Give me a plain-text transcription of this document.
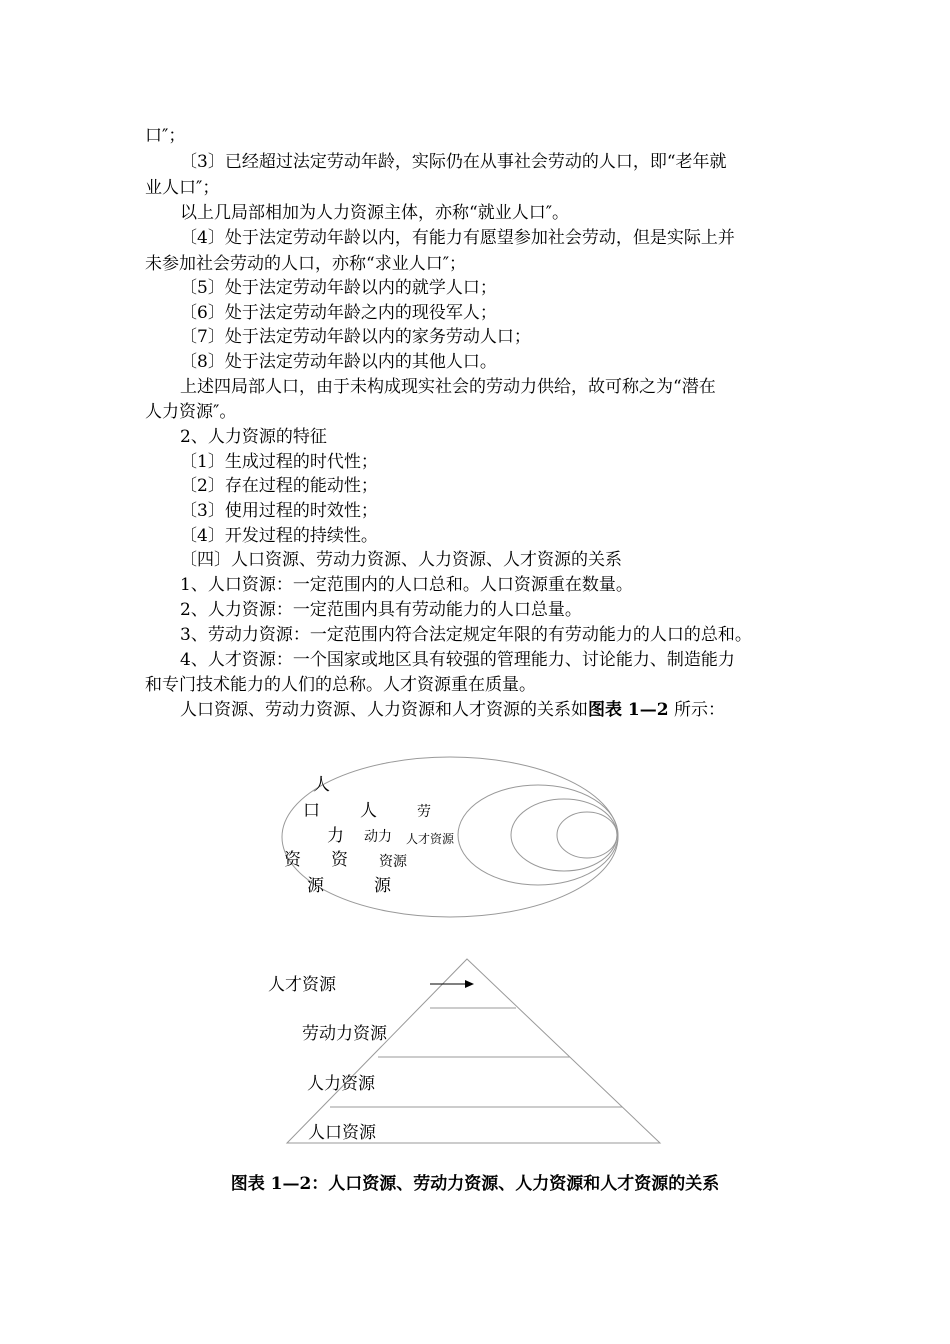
口″；
〔3〕已经超过法定劳动年龄，实际仍在从事社会劳动的人口，即“老年就
业人口″；
以上几局部相加为人力资源主体，亦称“就业人口″。
〔4〕处于法定劳动年龄以内，有能力有愿望参加社会劳动，但是实际上并
未参加社会劳动的人口，亦称“求业人口″；
〔5〕处于法定劳动年龄以内的就学人口；
〔6〕处于法定劳动年龄之内的现役军人；
〔7〕处于法定劳动年龄以内的家务劳动人口；
〔8〕处于法定劳动年龄以内的其他人口。
上述四局部人口，由于未构成现实社会的劳动力供给，故可称之为“潜在
人力资源″。
2、人力资源的特征
〔1〕生成过程的时代性；
〔2〕存在过程的能动性；
〔3〕使用过程的时效性；
〔4〕开发过程的持续性。
〔四〕人口资源、劳动力资源、人力资源、人才资源的关系
1、人口资源：一定范围内的人口总和。人口资源重在数量。
2、人力资源：一定范围内具有劳动能力的人口总量。
3、劳动力资源：一定范围内符合法定规定年限的有劳动能力的人口的总和。
4、人才资源：一个国家或地区具有较强的管理能力、讨论能力、制造能力
和专门技术能力的人们的总称。人才资源重在质量。
人口资源、劳动力资源、人力资源和人才资源的关系如图表 1—2 所示：
人
口
资
源
人
力
资
源
劳
动力
资源
人才资源
人才资源
劳动力资源
人力资源
人口资源
图表 1—2：人口资源、劳动力资源、人力资源和人才资源的关系
